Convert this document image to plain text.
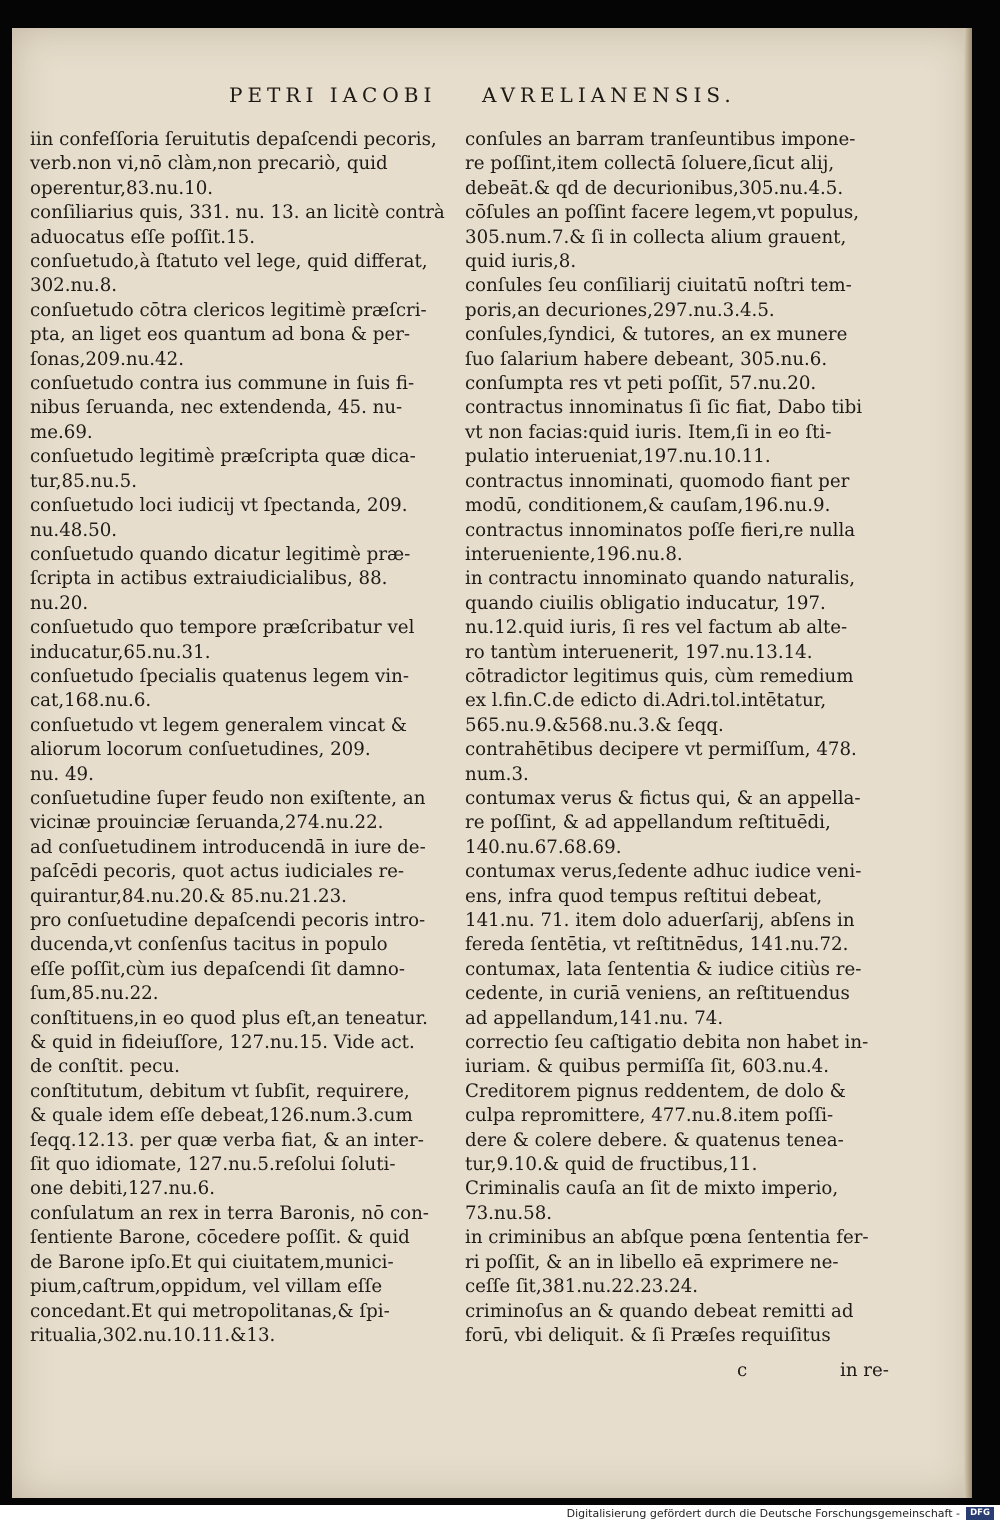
PETRI IACOBI AVRELIANENSIS.
iin confeſſoria ſeruitutis depaſcendi pecoris,
verb.non vi,nō clàm,non precariò, quid
operentur,83.nu.10.
conſiliarius quis, 331. nu. 13. an licitè contrà
aduocatus eſſe poſſit.15.
conſuetudo,à ſtatuto vel lege, quid differat,
302.nu.8.
conſuetudo cōtra clericos legitimè præſcri-
pta, an liget eos quantum ad bona & per-
ſonas,209.nu.42.
conſuetudo contra ius commune in ſuis fi-
nibus ſeruanda, nec extendenda, 45. nu-
me.69.
conſuetudo legitimè præſcripta quæ dica-
tur,85.nu.5.
conſuetudo loci iudicij vt ſpectanda, 209.
nu.48.50.
conſuetudo quando dicatur legitimè præ-
ſcripta in actibus extraiudicialibus, 88.
nu.20.
conſuetudo quo tempore præſcribatur vel
inducatur,65.nu.31.
conſuetudo ſpecialis quatenus legem vin-
cat,168.nu.6.
conſuetudo vt legem generalem vincat &
aliorum locorum conſuetudines, 209.
nu. 49.
conſuetudine ſuper feudo non exiſtente, an
vicinæ prouinciæ ſeruanda,274.nu.22.
ad conſuetudinem introducendā in iure de-
paſcēdi pecoris, quot actus iudiciales re-
quirantur,84.nu.20.& 85.nu.21.23.
pro conſuetudine depaſcendi pecoris intro-
ducenda,vt conſenſus tacitus in populo
eſſe poſſit,cùm ius depaſcendi ſit damno-
ſum,85.nu.22.
conſtituens,in eo quod plus eſt,an teneatur.
& quid in fideiuſſore, 127.nu.15. Vide act.
de conſtit. pecu.
conſtitutum, debitum vt ſubſit, requirere,
& quale idem eſſe debeat,126.num.3.cum
ſeqq.12.13. per quæ verba fiat, & an inter-
ſit quo idiomate, 127.nu.5.reſolui ſoluti-
one debiti,127.nu.6.
conſulatum an rex in terra Baronis, nō con-
ſentiente Barone, cōcedere poſſit. & quid
de Barone ipſo.Et qui ciuitatem,munici-
pium,caſtrum,oppidum, vel villam eſſe
concedant.Et qui metropolitanas,& ſpi-
ritualia,302.nu.10.11.&13.
conſules an barram tranſeuntibus impone-
re poſſint,item collectā ſoluere,ſicut alij,
debeāt.& qd de decurionibus,305.nu.4.5.
cōſules an poſſint facere legem,vt populus,
305.num.7.& ſi in collecta alium grauent,
quid iuris,8.
conſules ſeu conſiliarij ciuitatū noſtri tem-
poris,an decuriones,297.nu.3.4.5.
conſules,ſyndici, & tutores, an ex munere
ſuo ſalarium habere debeant, 305.nu.6.
conſumpta res vt peti poſſit, 57.nu.20.
contractus innominatus ſi ſic fiat, Dabo tibi
vt non facias:quid iuris. Item,ſi in eo ſti-
pulatio interueniat,197.nu.10.11.
contractus innominati, quomodo fiant per
modū, conditionem,& cauſam,196.nu.9.
contractus innominatos poſſe fieri,re nulla
interueniente,196.nu.8.
in contractu innominato quando naturalis,
quando ciuilis obligatio inducatur, 197.
nu.12.quid iuris, ſi res vel factum ab alte-
ro tantùm interuenerit, 197.nu.13.14.
cōtradictor legitimus quis, cùm remedium
ex l.fin.C.de edicto di.Adri.tol.intētatur,
565.nu.9.&568.nu.3.& ſeqq.
contrahētibus decipere vt permiſſum, 478.
num.3.
contumax verus & fictus qui, & an appella-
re poſſint, & ad appellandum reſtituēdi,
140.nu.67.68.69.
contumax verus,ſedente adhuc iudice veni-
ens, infra quod tempus reſtitui debeat,
141.nu. 71. item dolo aduerſarij, abſens in
fereda ſentētia, vt reſtitnēdus, 141.nu.72.
contumax, lata ſententia & iudice citiùs re-
cedente, in curiā veniens, an reſtituendus
ad appellandum,141.nu. 74.
correctio ſeu caſtigatio debita non habet in-
iuriam. & quibus permiſſa ſit, 603.nu.4.
Creditorem pignus reddentem, de dolo &
culpa repromittere, 477.nu.8.item poſſi-
dere & colere debere. & quatenus tenea-
tur,9.10.& quid de fructibus,11.
Criminalis cauſa an ſit de mixto imperio,
73.nu.58.
in criminibus an abſque pœna ſententia fer-
ri poſſit, & an in libello eā exprimere ne-
ceſſe ſit,381.nu.22.23.24.
criminoſus an & quando debeat remitti ad
forū, vbi deliquit. & ſi Præſes requiſitus
c	in re-
Digitalisierung gefördert durch die Deutsche Forschungsgemeinschaft -	DFG
